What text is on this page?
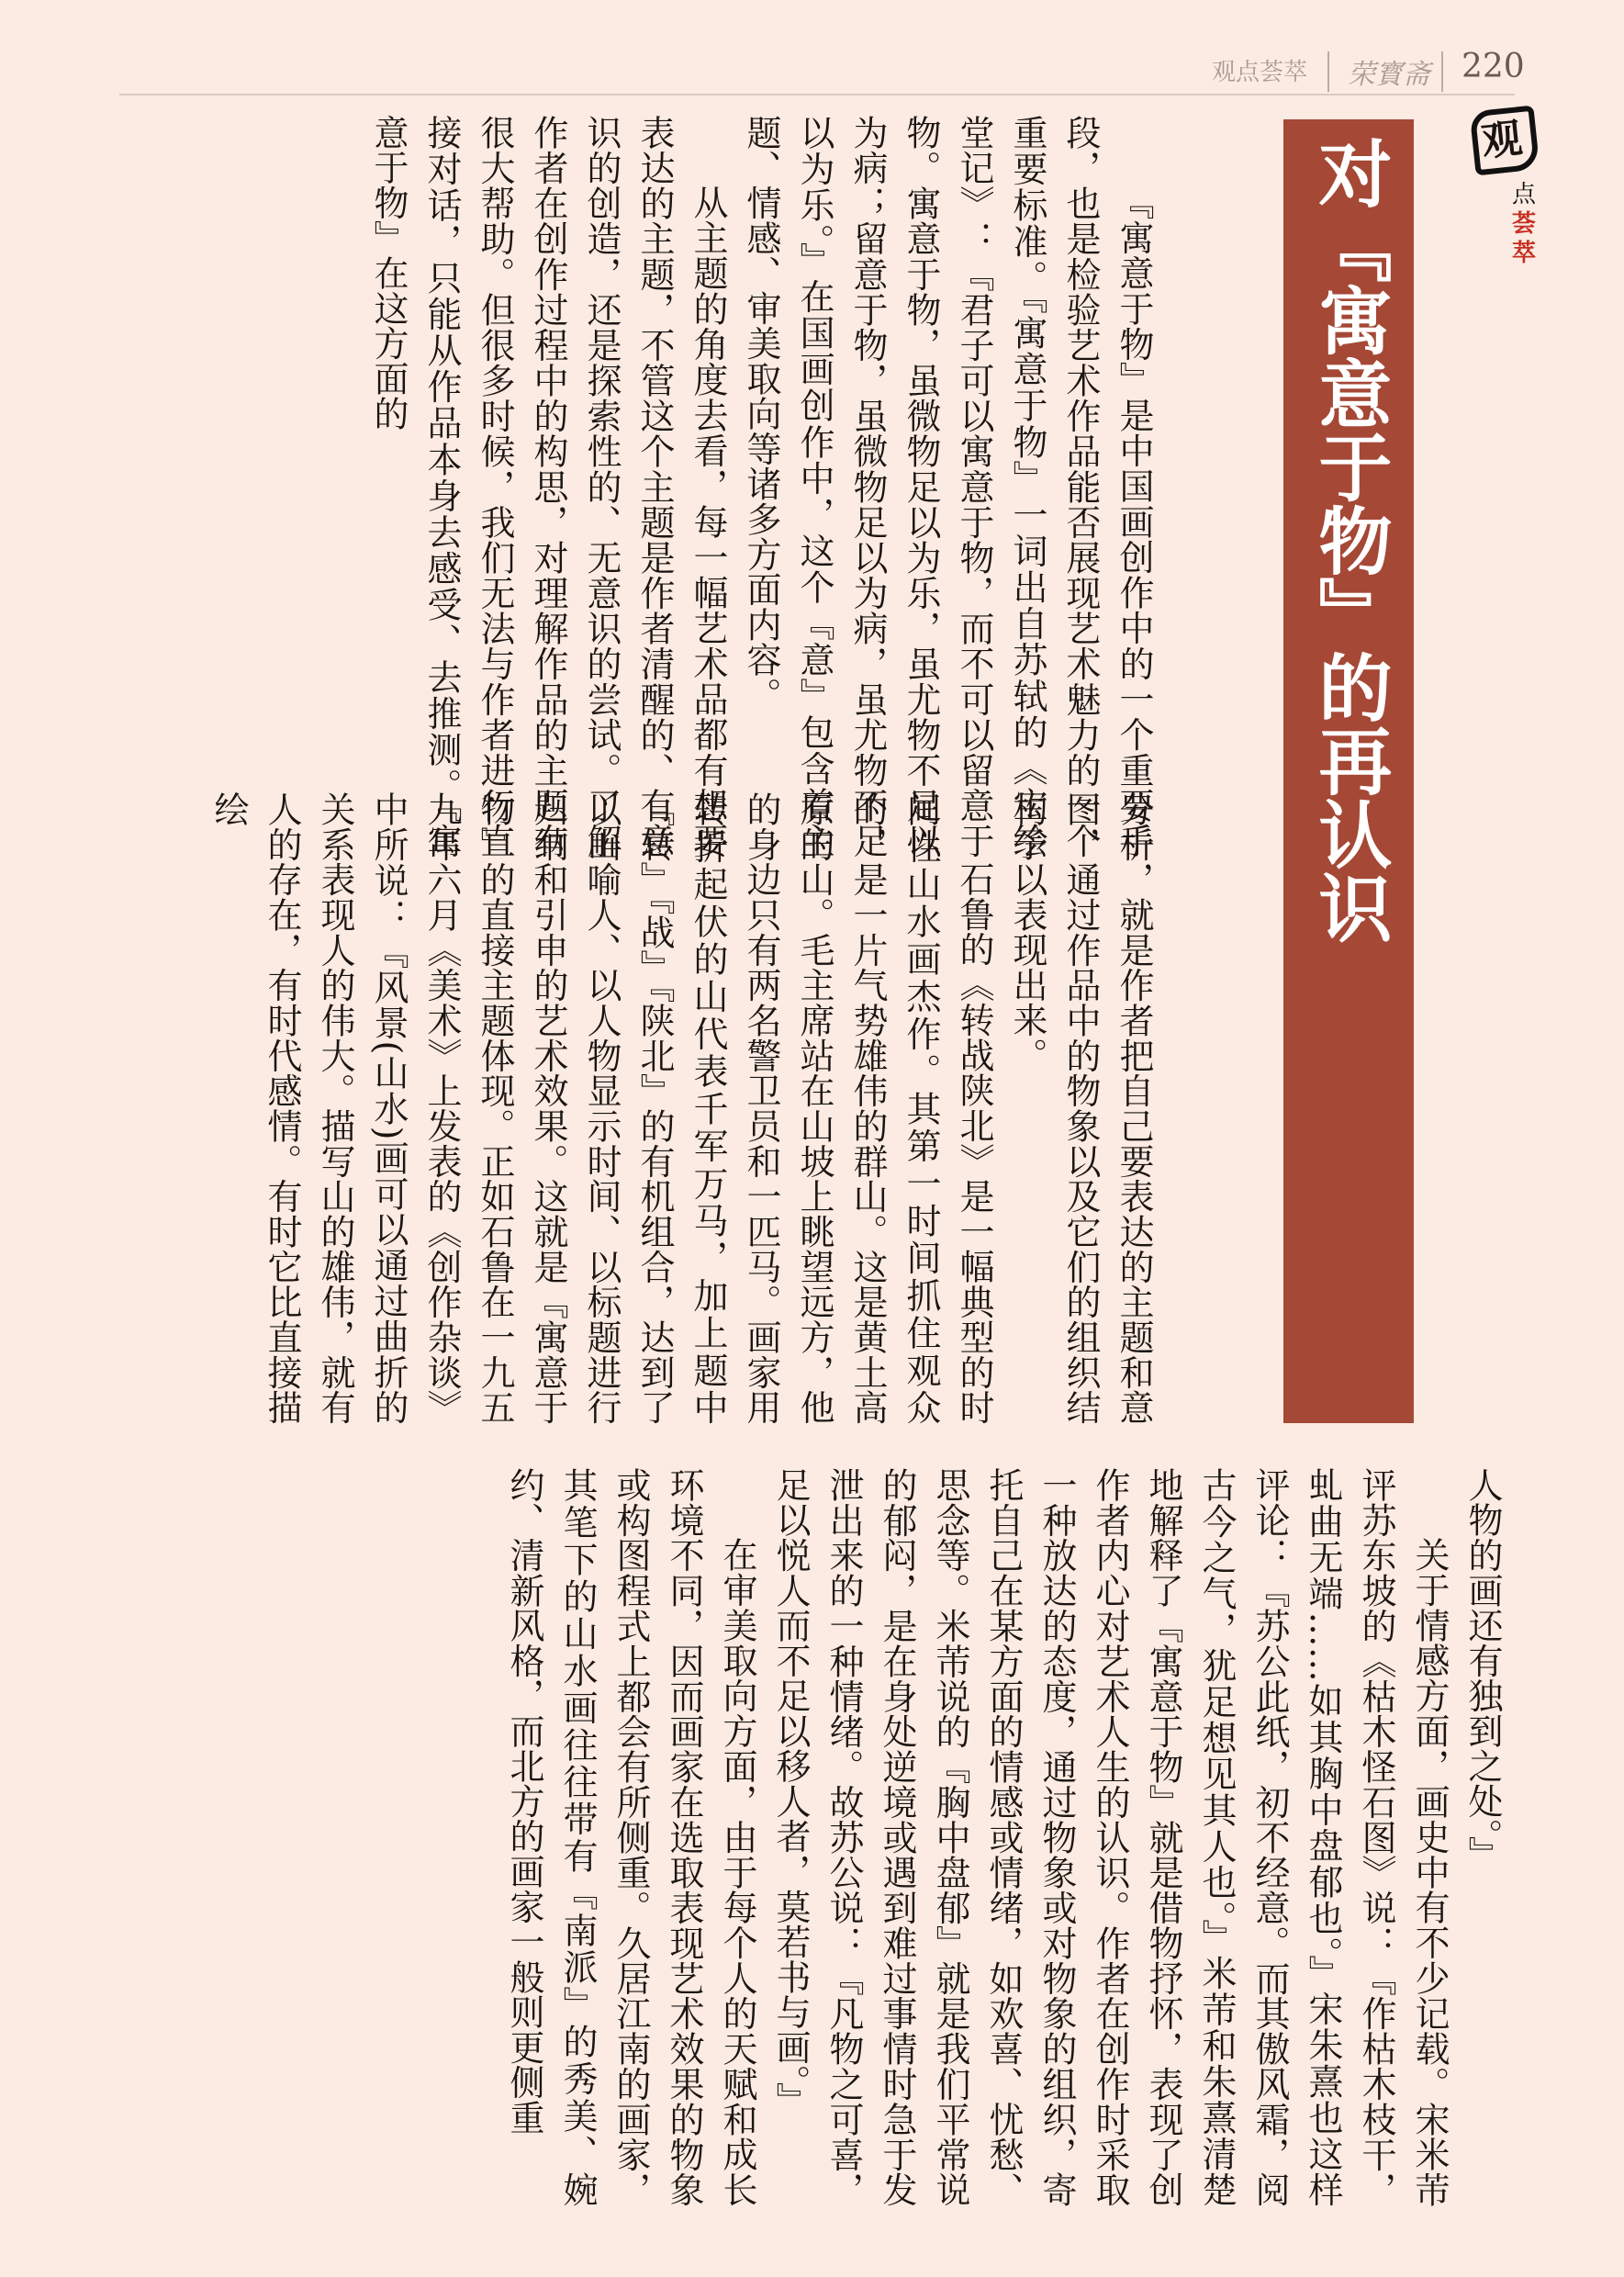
观点荟萃 荣寳斋 220
观
点
荟萃
对『寓意于物』的再认识

『寓意于物』是中国画创作中的一个重要手段，也是检验艺术作品能否展现艺术魅力的一个重要标准。『寓意于物』一词出自苏轼的《宝绘堂记》：『君子可以寓意于物，而不可以留意于物。寓意于物，虽微物足以为乐，虽尤物不足以为病；留意于物，虽微物足以为病，虽尤物不足以为乐。』在国画创作中，这个『意』包含着主题、情感、审美取向等诸多方面内容。

从主题的角度去看，每一幅艺术品都有想要表达的主题，不管这个主题是作者清醒的、有意识的创造，还是探索性的、无意识的尝试。了解作者在创作过程中的构思，对理解作品的主题有很大帮助。但很多时候，我们无法与作者进行直接对话，只能从作品本身去感受、去推测。『寓意于物』在这方面的

分析，就是作者把自己要表达的主题和意图，通过作品中的物象以及它们的组织结构予以表现出来。

石鲁的《转战陕北》是一幅典型的时间性山水画杰作。其第一时间抓住观众的，是一片气势雄伟的群山。这是黄土高原的山。毛主席站在山坡上眺望远方，他的身边只有两名警卫员和一匹马。画家用转折起伏的山代表千军万马，加上题中『转』『战』『陕北』的有机组合，达到了以山喻人、以人物显示时间、以标题进行归纳和引申的艺术效果。这就是『寓意于物』的直接主题体现。正如石鲁在一九五九年六月《美术》上发表的《创作杂谈》中所说：『风景(山水)画可以通过曲折的关系表现人的伟大。描写山的雄伟，就有人的存在，有时代感情。有时它比直接描绘

人物的画还有独到之处。』

关于情感方面，画史中有不少记载。宋米芾评苏东坡的《枯木怪石图》说：『作枯木枝干，虬曲无端……如其胸中盘郁也。』宋朱熹也这样评论：『苏公此纸，初不经意。而其傲风霜，阅古今之气，犹足想见其人也。』米芾和朱熹清楚地解释了『寓意于物』就是借物抒怀，表现了创作者内心对艺术人生的认识。作者在创作时采取一种放达的态度，通过物象或对物象的组织，寄托自己在某方面的情感或情绪，如欢喜、忧愁、思念等。米芾说的『胸中盘郁』就是我们平常说的郁闷，是在身处逆境或遇到难过事情时急于发泄出来的一种情绪。故苏公说：『凡物之可喜，足以悦人而不足以移人者，莫若书与画。』

在审美取向方面，由于每个人的天赋和成长环境不同，因而画家在选取表现艺术效果的物象或构图程式上都会有所侧重。久居江南的画家，其笔下的山水画往往带有『南派』的秀美、婉约、清新风格，而北方的画家一般则更侧重
